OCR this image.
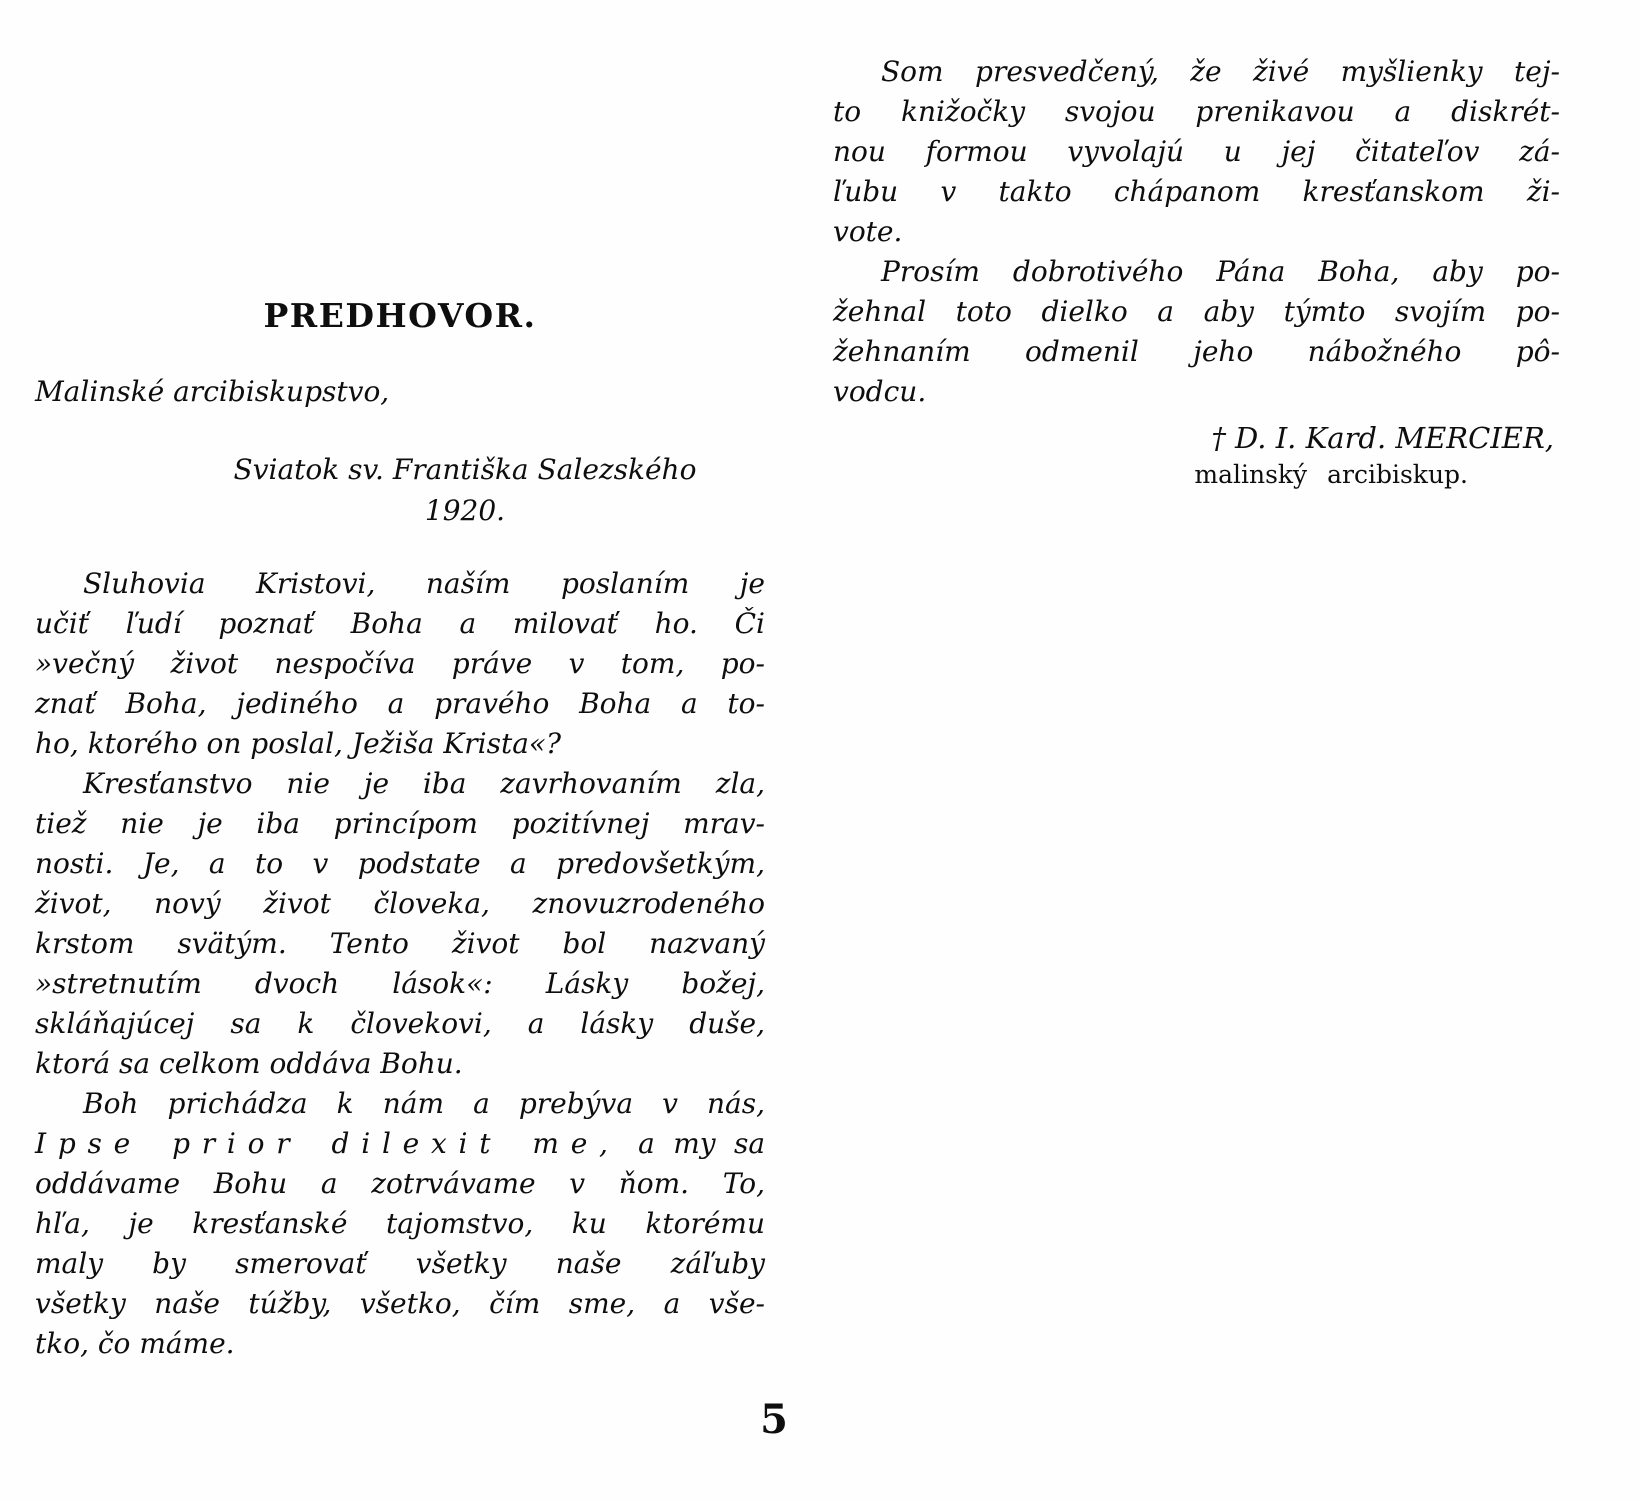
PREDHOVOR.
Malinské arcibiskupstvo,
Sviatok sv. Františka Salezského
1920.
Sluhovia Kristovi, naším poslaním je
učiť ľudí poznať Boha a milovať ho. Či
»večný život nespočíva práve v tom, po-
znať Boha, jediného a pravého Boha a to-
ho, ktorého on poslal, Ježiša Krista«?
Kresťanstvo nie je iba zavrhovaním zla,
tiež nie je iba princípom pozitívnej mrav-
nosti. Je, a to v podstate a predovšetkým,
život, nový život človeka, znovuzrodeného
krstom svätým. Tento život bol nazvaný
»stretnutím dvoch lások«: Lásky božej,
skláňajúcej sa k človekovi, a lásky duše,
ktorá sa celkom oddáva Bohu.
Boh prichádza k nám a prebýva v nás,
Ipse prior dilexit me, a my sa
oddávame Bohu a zotrvávame v ňom. To,
hľa, je kresťanské tajomstvo, ku ktorému
maly by smerovať všetky naše záľuby
všetky naše túžby, všetko, čím sme, a vše-
tko, čo máme.
Som presvedčený, že živé myšlienky tej-
to knižočky svojou prenikavou a diskrét-
nou formou vyvolajú u jej čitateľov zá-
ľubu v takto chápanom kresťanskom ži-
vote.
Prosím dobrotivého Pána Boha, aby po-
žehnal toto dielko a aby týmto svojím po-
žehnaním odmenil jeho nábožného pô-
vodcu.
† D. I. Kard. MERCIER,
malinský arcibiskup.
5
